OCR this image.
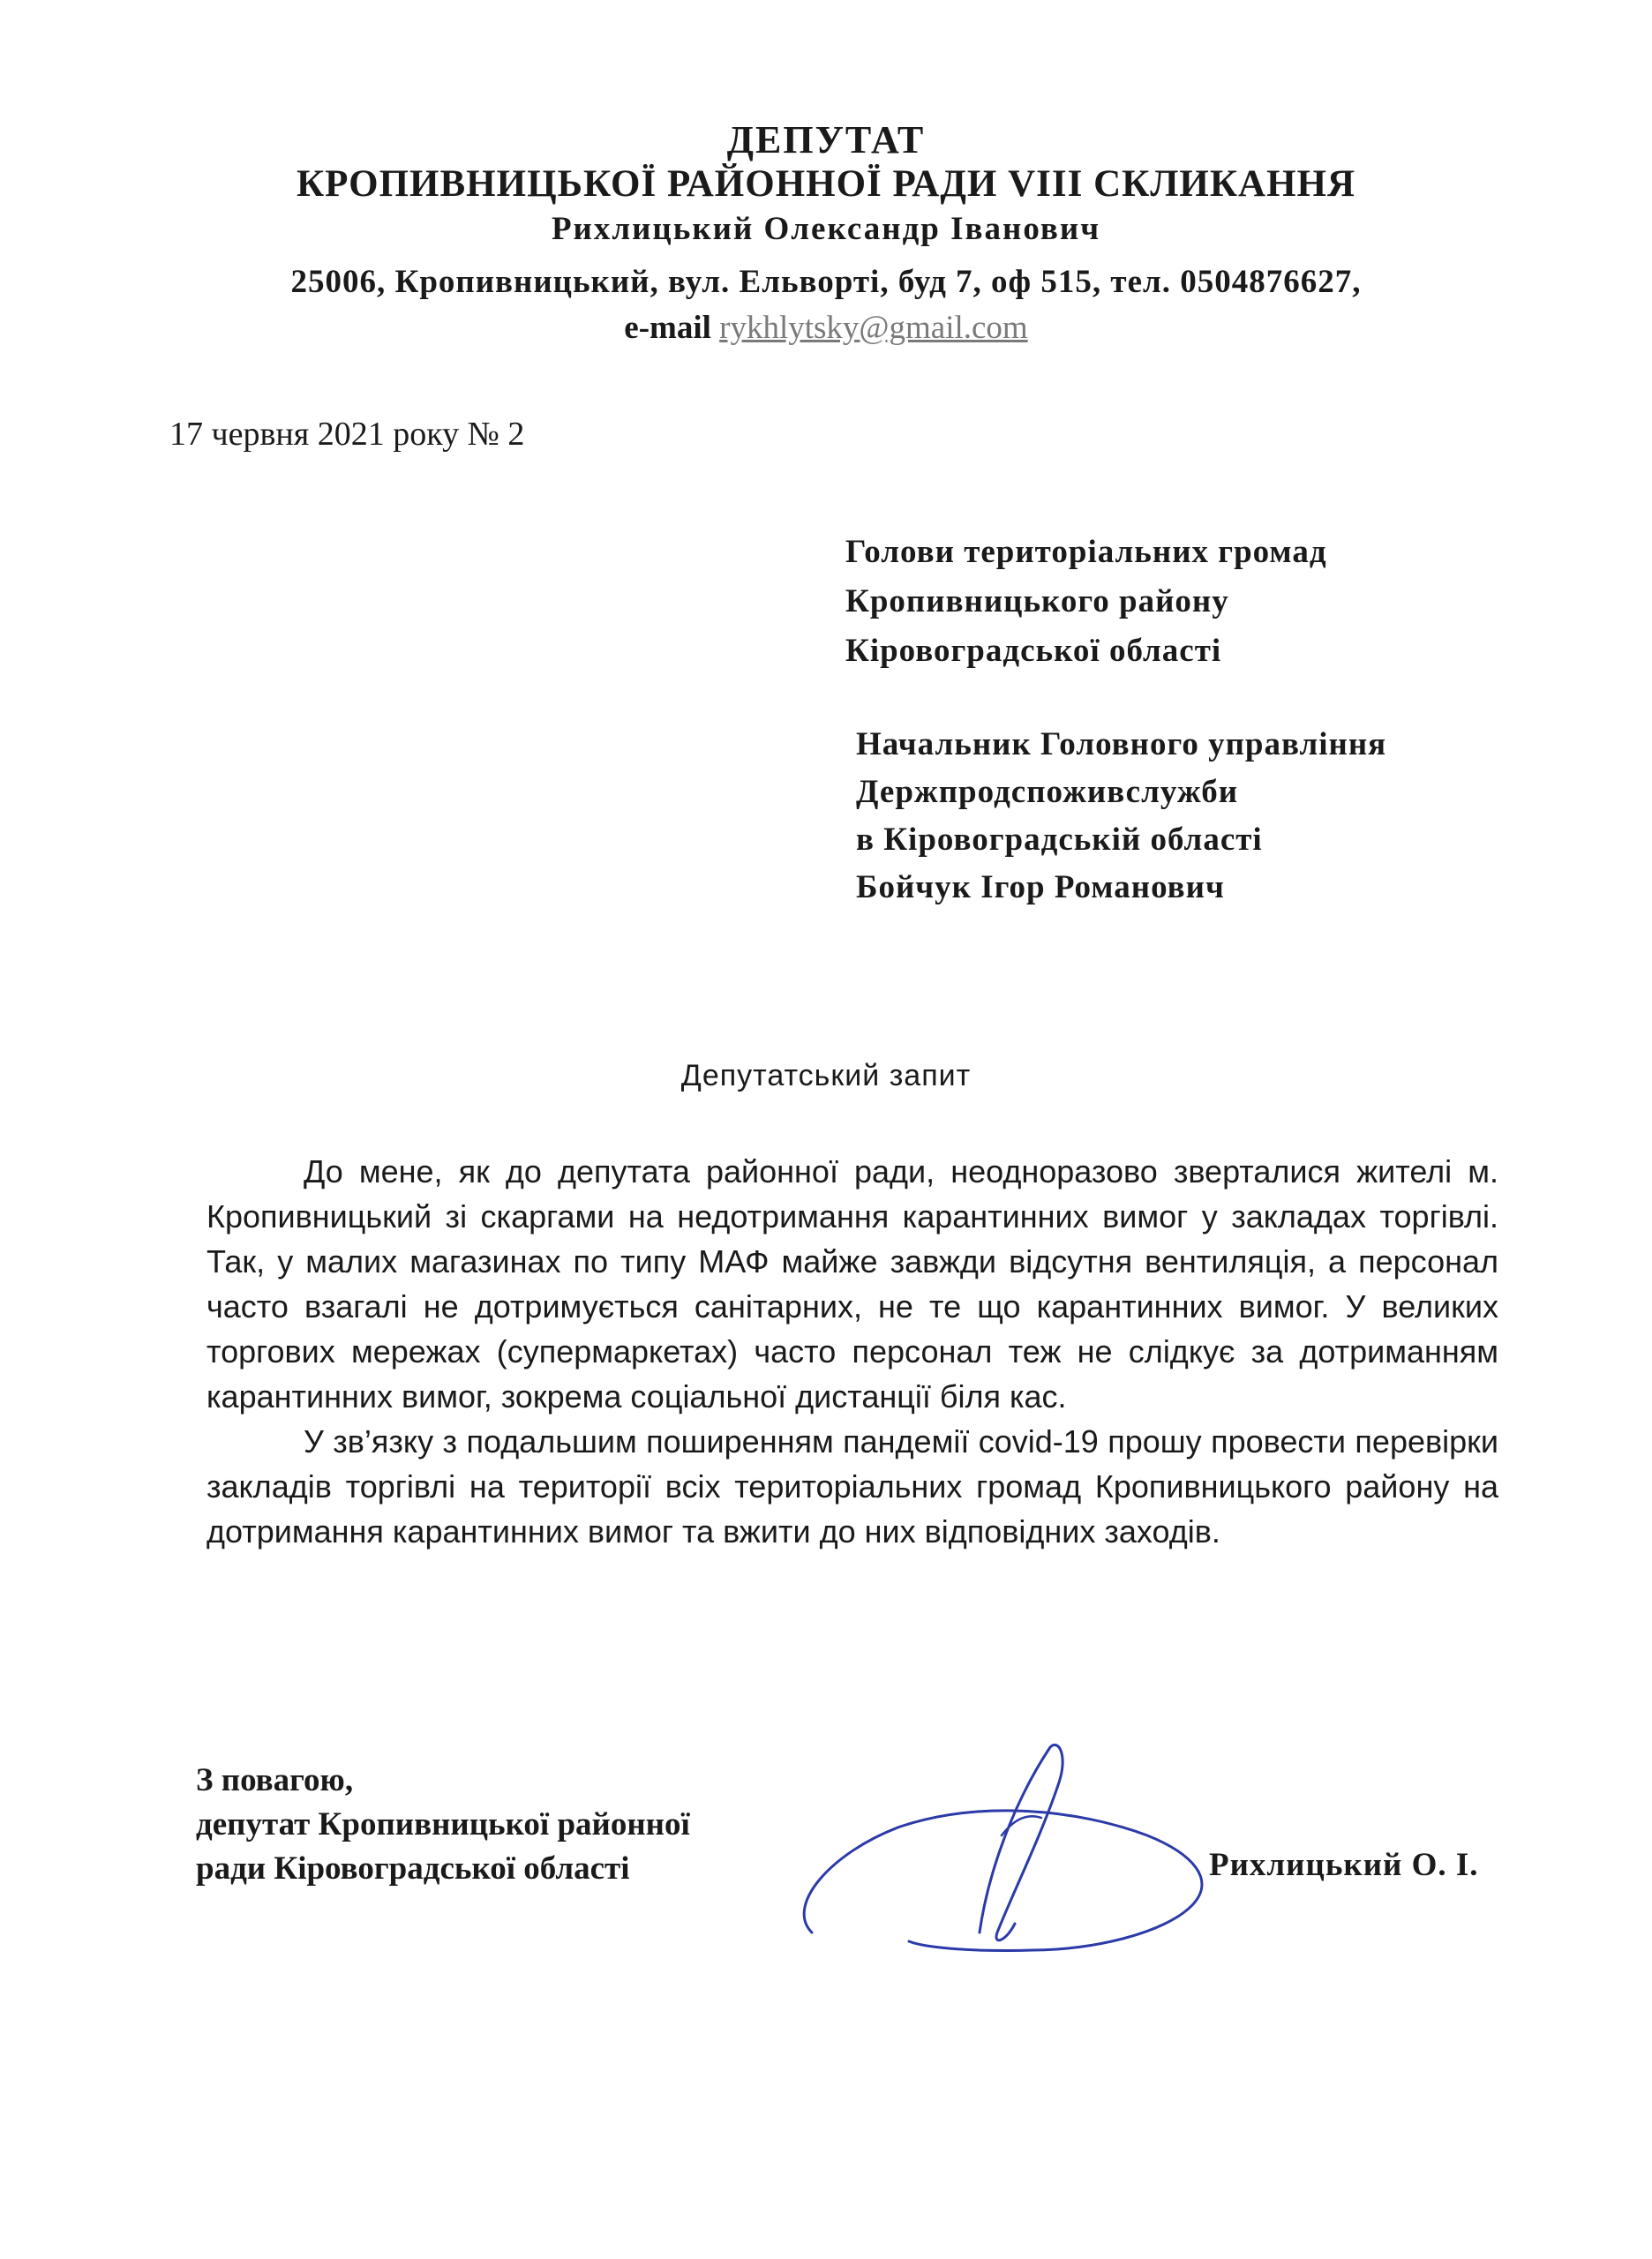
ДЕПУТАТ
КРОПИВНИЦЬКОЇ РАЙОННОЇ РАДИ VIII СКЛИКАННЯ
Рихлицький Олександр Іванович
25006, Кропивницький, вул. Ельворті, буд 7, оф 515, тел. 0504876627,
e-mail rykhlytsky@gmail.com
17 червня 2021 року № 2
Голови територіальних громад
Кропивницького району
Кіровоградської області
Начальник Головного управління
Держпродспоживслужби
в Кіровоградській області
Бойчук Ігор Романович
Депутатський запит

До мене, як до депутата районної ради, неодноразово зверталися жителі м. Кропивницький зі скаргами на недотримання карантинних вимог у закладах торгівлі. Так, у малих магазинах по типу МАФ майже завжди відсутня вентиляція, а персонал часто взагалі не дотримується санітарних, не те що карантинних вимог. У великих торгових мережах (супермаркетах) часто персонал теж не слідкує за дотриманням карантинних вимог, зокрема соціальної дистанції біля кас.

У зв’язку з подальшим поширенням пандемії covid-19 прошу провести перевірки закладів торгівлі на території всіх територіальних громад Кропивницького району на дотримання карантинних вимог та вжити до них відповідних заходів.

З повагою,
депутат Кропивницької районної
ради Кіровоградської області	Рихлицький О. І.
